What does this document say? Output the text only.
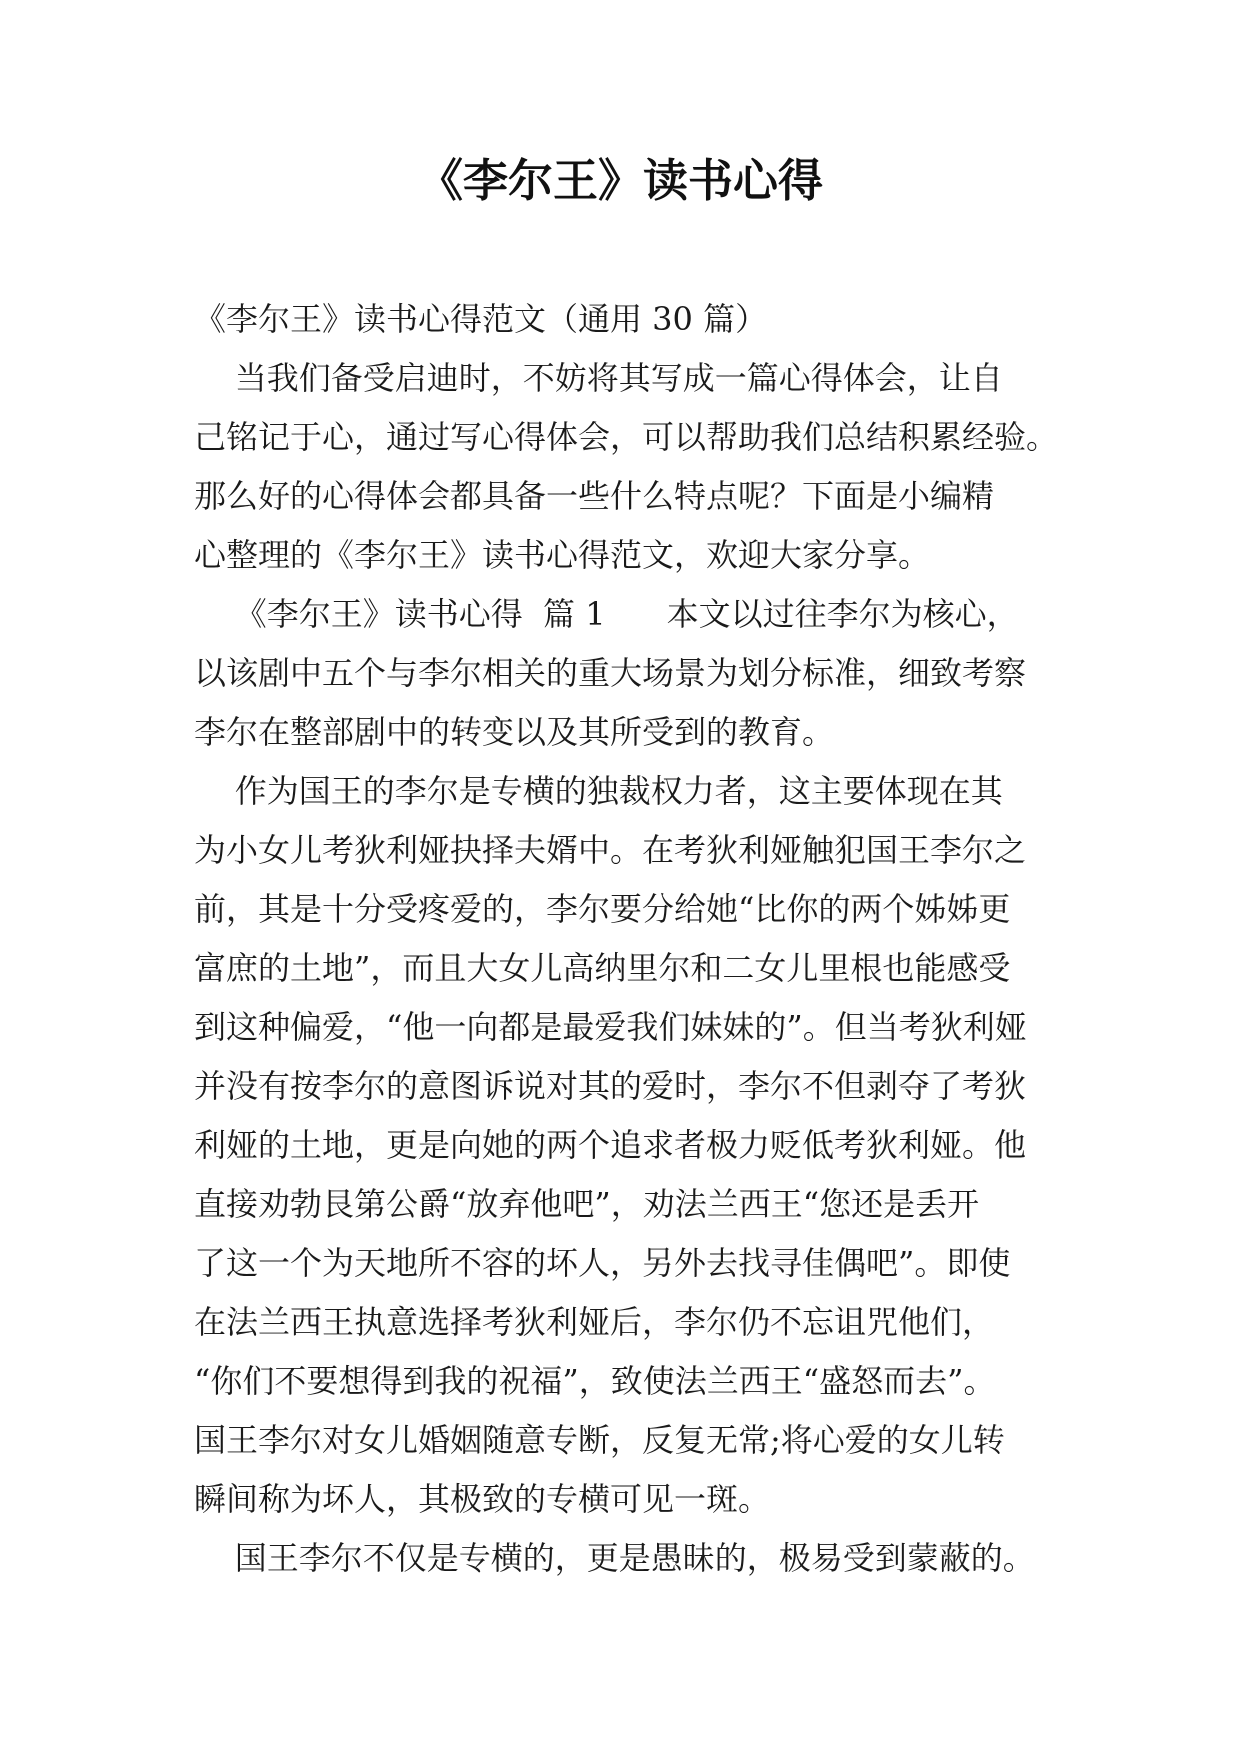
《李尔王》读书心得
《李尔王》读书心得范文（通用 30 篇）
当我们备受启迪时，不妨将其写成一篇心得体会，让自
己铭记于心，通过写心得体会，可以帮助我们总结积累经验。
那么好的心得体会都具备一些什么特点呢？下面是小编精
心整理的《李尔王》读书心得范文，欢迎大家分享。
《李尔王》读书心得  篇 1      本文以过往李尔为核心，
以该剧中五个与李尔相关的重大场景为划分标准，细致考察
李尔在整部剧中的转变以及其所受到的教育。
作为国王的李尔是专横的独裁权力者，这主要体现在其
为小女儿考狄利娅抉择夫婿中。在考狄利娅触犯国王李尔之
前，其是十分受疼爱的，李尔要分给她“比你的两个姊姊更
富庶的土地”，而且大女儿高纳里尔和二女儿里根也能感受
到这种偏爱，“他一向都是最爱我们妹妹的”。但当考狄利娅
并没有按李尔的意图诉说对其的爱时，李尔不但剥夺了考狄
利娅的土地，更是向她的两个追求者极力贬低考狄利娅。他
直接劝勃艮第公爵“放弃他吧”，劝法兰西王“您还是丢开
了这一个为天地所不容的坏人，另外去找寻佳偶吧”。即使
在法兰西王执意选择考狄利娅后，李尔仍不忘诅咒他们，
“你们不要想得到我的祝福”，致使法兰西王“盛怒而去”。
国王李尔对女儿婚姻随意专断，反复无常;将心爱的女儿转
瞬间称为坏人，其极致的专横可见一斑。
国王李尔不仅是专横的，更是愚昧的，极易受到蒙蔽的。
